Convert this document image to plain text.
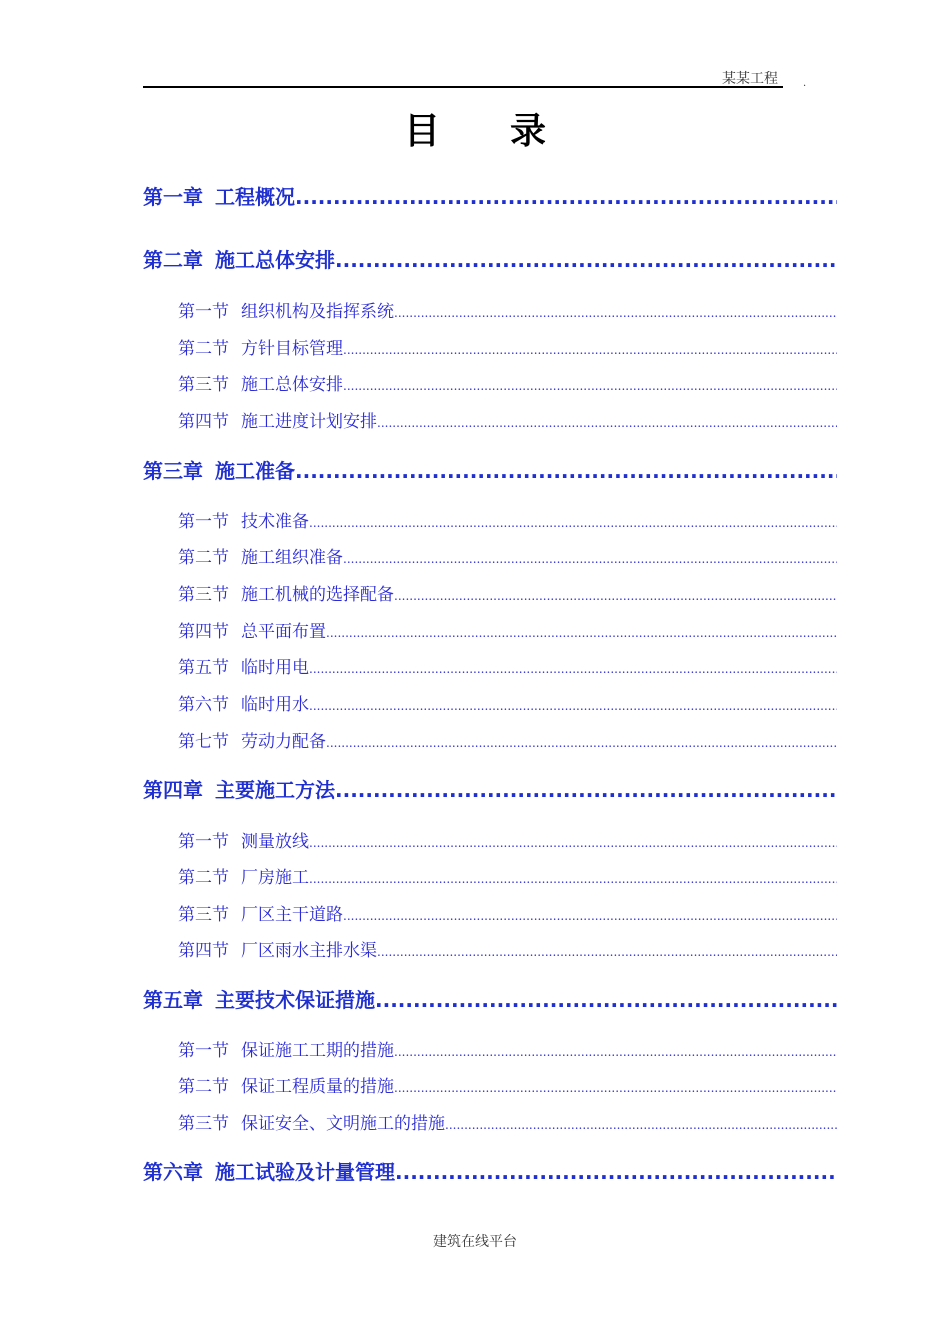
某某工程	.
目录
第一章 工程概况
.....
第二章 施工总体安排
.....
第一节 组织机构及指挥系统
.....
第二节 方针目标管理
.....
第三节 施工总体安排
.....
第四节 施工进度计划安排
.....
第三章 施工准备
.....
第一节 技术准备
.....
第二节 施工组织准备
.....
第三节 施工机械的选择配备
.....
第四节 总平面布置
.....
第五节 临时用电
.....
第六节 临时用水
.....
第七节 劳动力配备
.....
第四章 主要施工方法
.....
第一节 测量放线
.....
第二节 厂房施工
.....
第三节 厂区主干道路
.....
第四节 厂区雨水主排水渠
.....
第五章 主要技术保证措施
.....
第一节 保证施工工期的措施
.....
第二节 保证工程质量的措施
.....
第三节 保证安全、文明施工的措施
.....
第六章 施工试验及计量管理
.....
建筑在线平台
